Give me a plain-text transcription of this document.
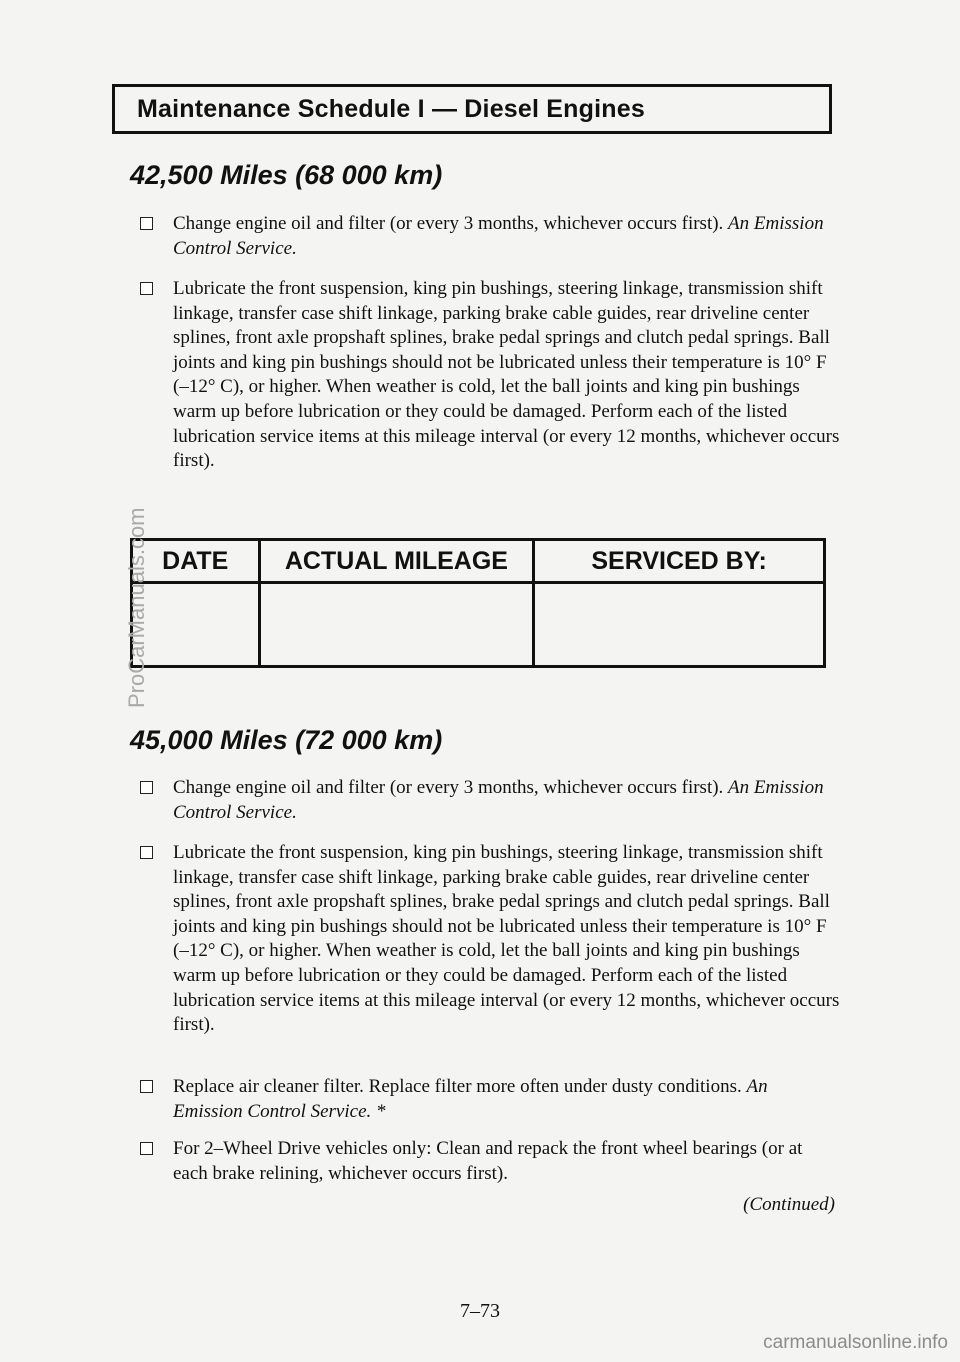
Maintenance Schedule I — Diesel Engines
42,500 Miles (68 000 km)
Change engine oil and filter (or every 3 months, whichever occurs first). An Emission Control Service.
Lubricate the front suspension, king pin bushings, steering linkage, transmission shift linkage, transfer case shift linkage, parking brake cable guides, rear driveline center splines, front axle propshaft splines, brake pedal springs and clutch pedal springs. Ball joints and king pin bushings should not be lubricated unless their temperature is 10° F (–12° C), or higher. When weather is cold, let the ball joints and king pin bushings warm up before lubrication or they could be damaged. Perform each of the listed lubrication service items at this mileage interval (or every 12 months, whichever occurs first).
DATE	ACTUAL MILEAGE	SERVICED BY:

45,000 Miles (72 000 km)
Change engine oil and filter (or every 3 months, whichever occurs first). An Emission Control Service.
Lubricate the front suspension, king pin bushings, steering linkage, transmission shift linkage, transfer case shift linkage, parking brake cable guides, rear driveline center splines, front axle propshaft splines, brake pedal springs and clutch pedal springs. Ball joints and king pin bushings should not be lubricated unless their temperature is 10° F (–12° C), or higher. When weather is cold, let the ball joints and king pin bushings warm up before lubrication or they could be damaged. Perform each of the listed lubrication service items at this mileage interval (or every 12 months, whichever occurs first).
Replace air cleaner filter. Replace filter more often under dusty conditions. An Emission Control Service. *
For 2–Wheel Drive vehicles only: Clean and repack the front wheel bearings (or at each brake relining, whichever occurs first).
(Continued)
7–73
ProCarManuals.com
carmanualsonline.info
